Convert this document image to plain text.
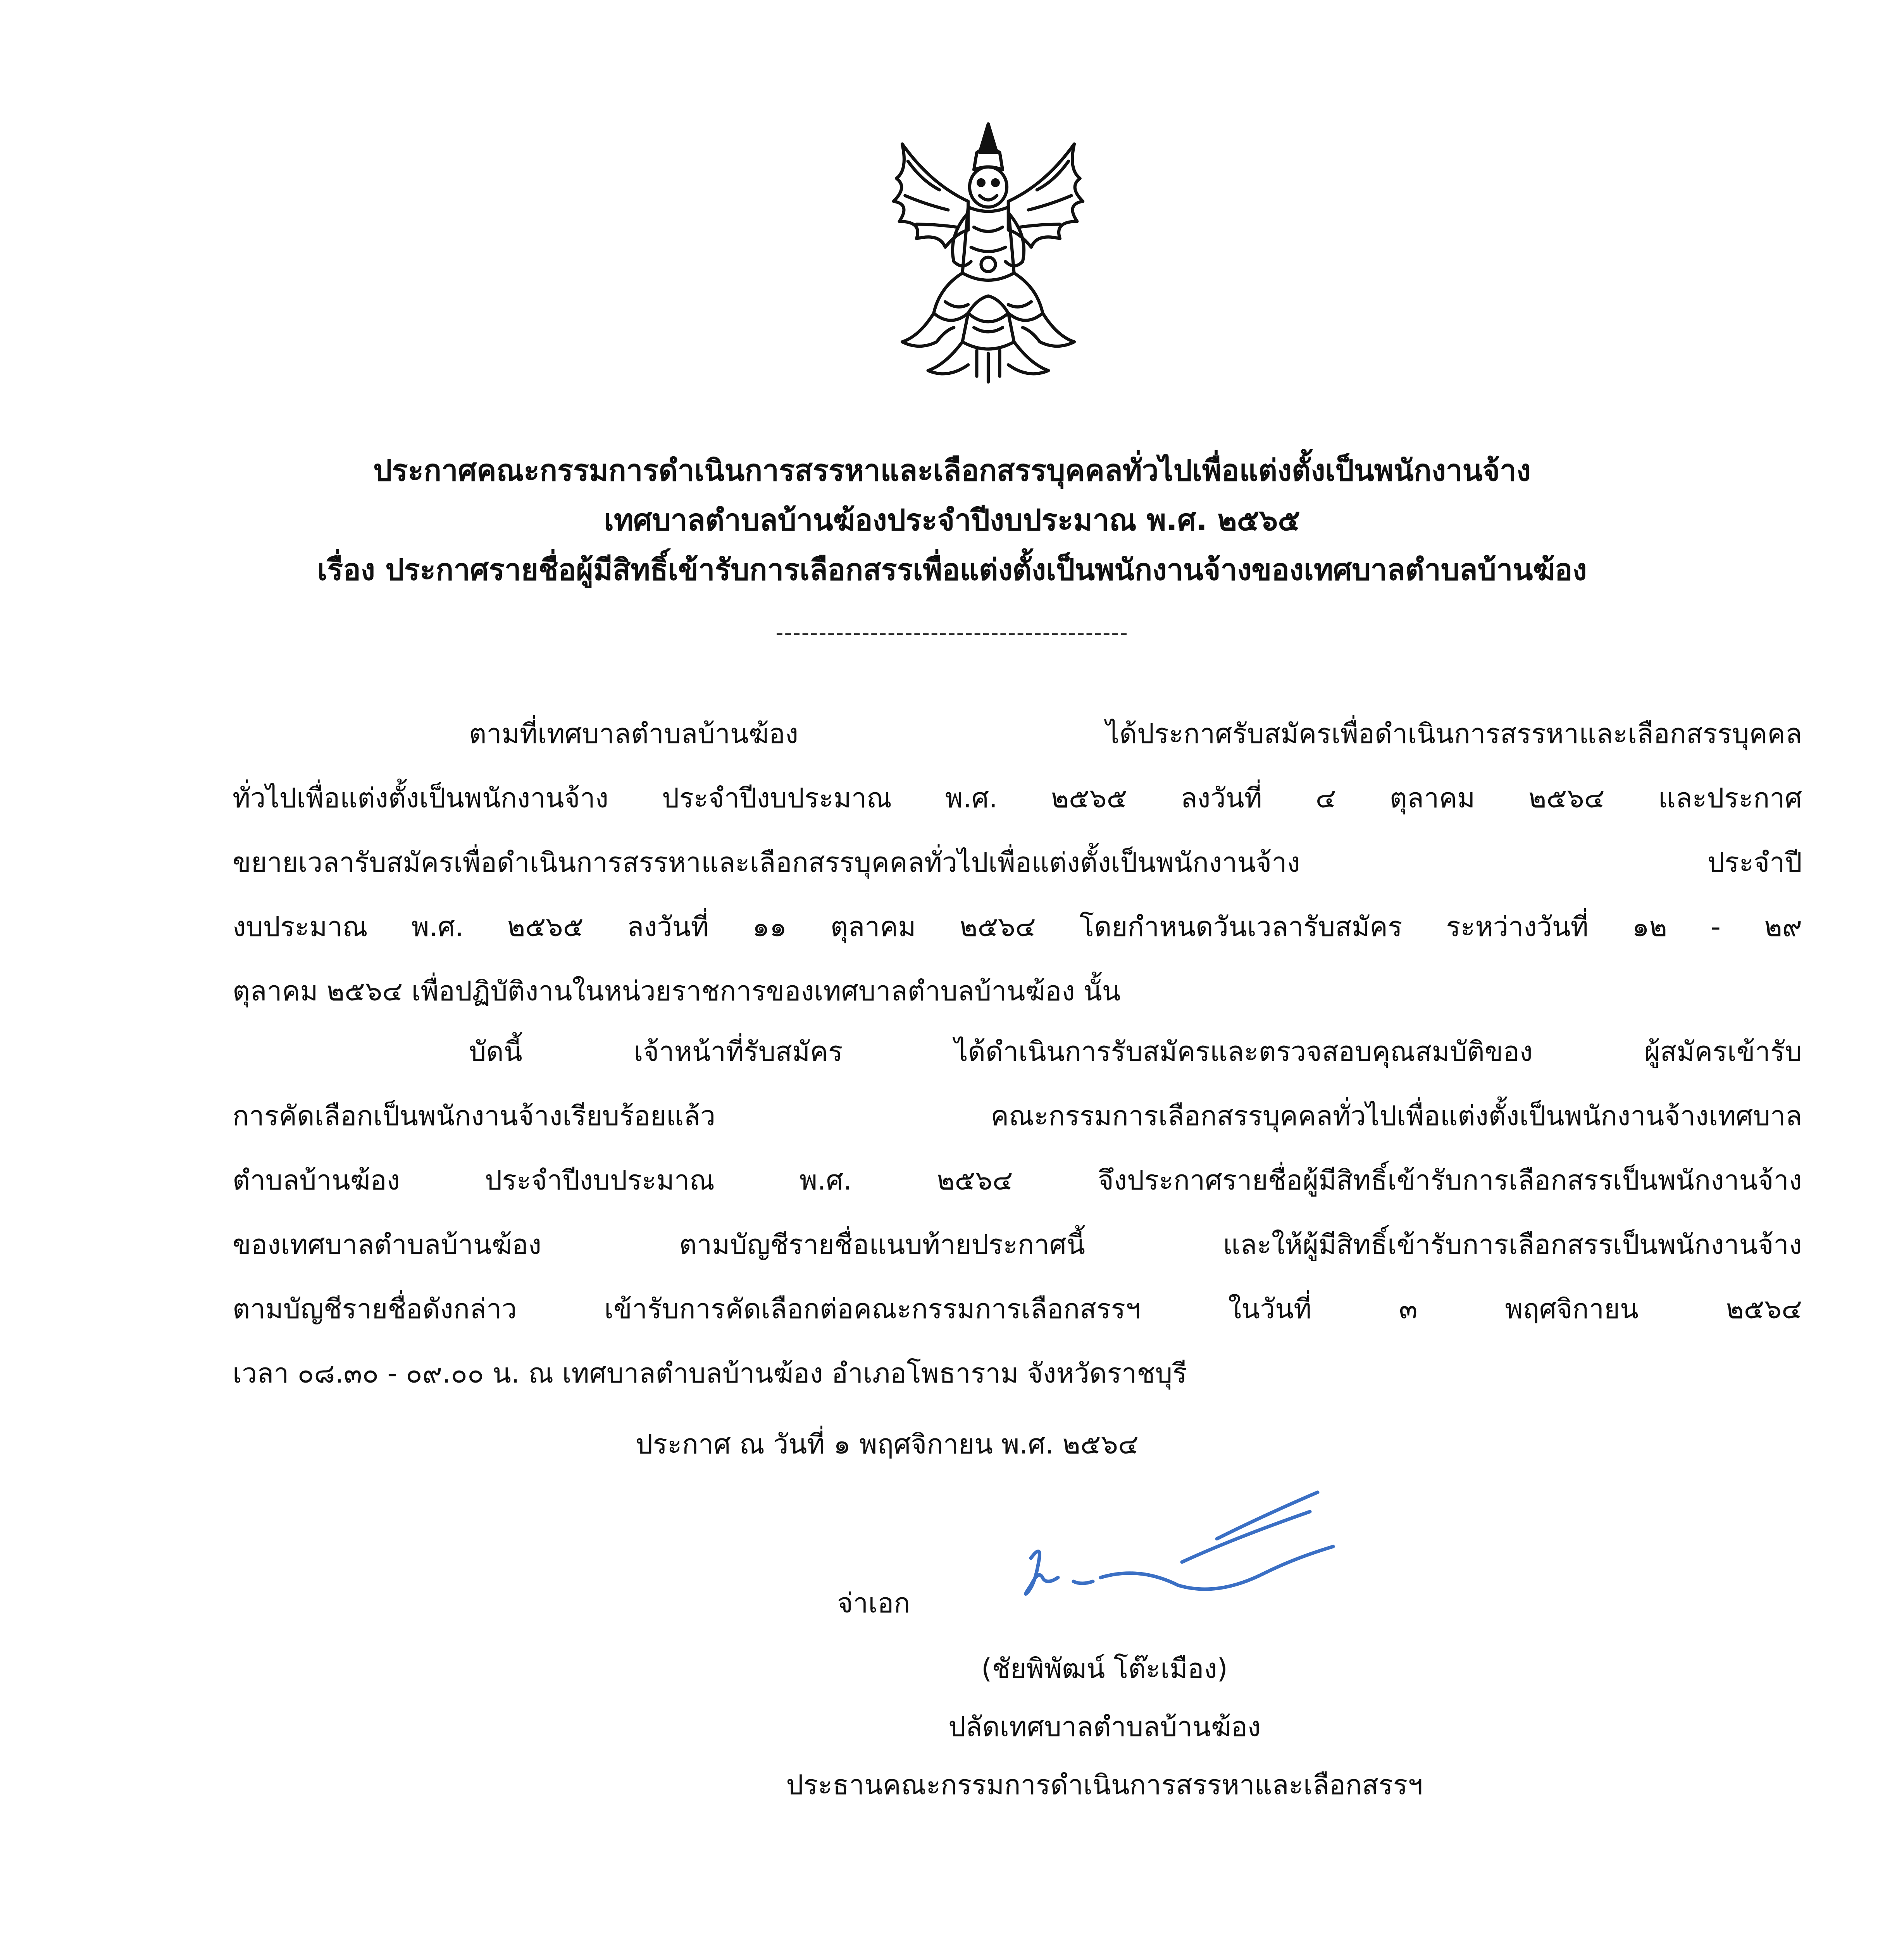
ประกาศคณะกรรมการดำเนินการสรรหาและเลือกสรรบุคคลทั่วไปเพื่อแต่งตั้งเป็นพนักงานจ้าง
เทศบาลตำบลบ้านฆ้องประจำปีงบประมาณ พ.ศ. ๒๕๖๕
เรื่อง ประกาศรายชื่อผู้มีสิทธิ์เข้ารับการเลือกสรรเพื่อแต่งตั้งเป็นพนักงานจ้างของเทศบาลตำบลบ้านฆ้อง
-----------------------------------------
ตามที่เทศบาลตำบลบ้านฆ้อง ได้ประกาศรับสมัครเพื่อดำเนินการสรรหาและเลือกสรรบุคคล
ทั่วไปเพื่อแต่งตั้งเป็นพนักงานจ้าง ประจำปีงบประมาณ พ.ศ. ๒๕๖๕ ลงวันที่ ๔ ตุลาคม ๒๕๖๔ และประกาศ
ขยายเวลารับสมัครเพื่อดำเนินการสรรหาและเลือกสรรบุคคลทั่วไปเพื่อแต่งตั้งเป็นพนักงานจ้าง ประจำปี
งบประมาณ พ.ศ. ๒๕๖๕ ลงวันที่ ๑๑ ตุลาคม ๒๕๖๔ โดยกำหนดวันเวลารับสมัคร ระหว่างวันที่ ๑๒ - ๒๙
ตุลาคม ๒๕๖๔ เพื่อปฏิบัติงานในหน่วยราชการของเทศบาลตำบลบ้านฆ้อง นั้น
บัดนี้ เจ้าหน้าที่รับสมัคร ได้ดำเนินการรับสมัครและตรวจสอบคุณสมบัติของ ผู้สมัครเข้ารับ
การคัดเลือกเป็นพนักงานจ้างเรียบร้อยแล้ว คณะกรรมการเลือกสรรบุคคลทั่วไปเพื่อแต่งตั้งเป็นพนักงานจ้างเทศบาล
ตำบลบ้านฆ้อง ประจำปีงบประมาณ พ.ศ. ๒๕๖๔ จึงประกาศรายชื่อผู้มีสิทธิ์เข้ารับการเลือกสรรเป็นพนักงานจ้าง
ของเทศบาลตำบลบ้านฆ้อง ตามบัญชีรายชื่อแนบท้ายประกาศนี้ และให้ผู้มีสิทธิ์เข้ารับการเลือกสรรเป็นพนักงานจ้าง
ตามบัญชีรายชื่อดังกล่าว เข้ารับการคัดเลือกต่อคณะกรรมการเลือกสรรฯ ในวันที่ ๓ พฤศจิกายน ๒๕๖๔
เวลา ๐๘.๓๐ - ๐๙.๐๐ น. ณ เทศบาลตำบลบ้านฆ้อง อำเภอโพธาราม จังหวัดราชบุรี
ประกาศ ณ วันที่ ๑ พฤศจิกายน พ.ศ. ๒๕๖๔
จ่าเอก
(ชัยพิพัฒน์ โต๊ะเมือง)
ปลัดเทศบาลตำบลบ้านฆ้อง
ประธานคณะกรรมการดำเนินการสรรหาและเลือกสรรฯ
